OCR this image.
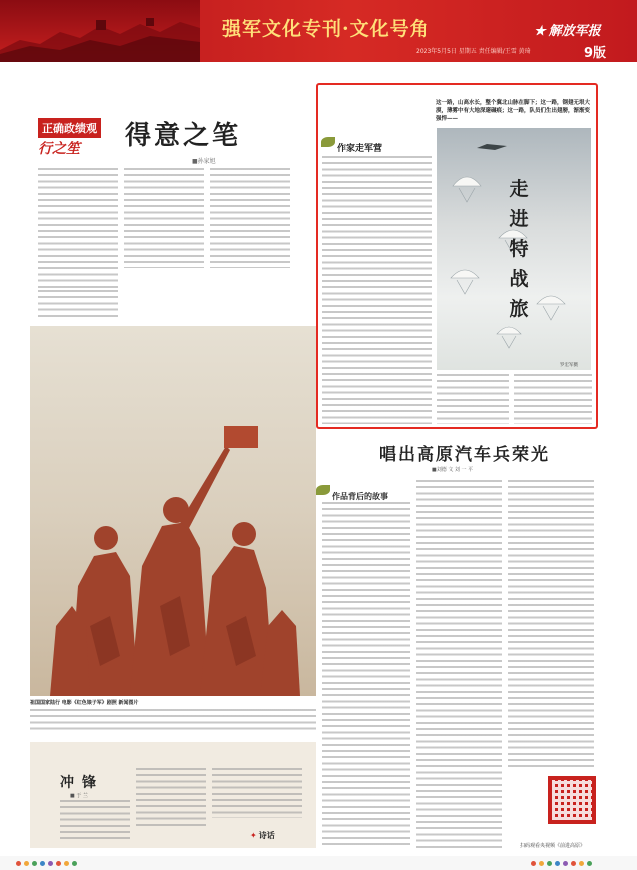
强军文化专刊·文化号角	★ 解放军报
2023年5月5日 星期五 责任编辑/王雪 黄琦	9版
正确政绩观
行之笙	得意之笔
■孙家旭
这一路，山高水长，整个冀北山脉在脚下；这一路，钢翅无垠大漠，薄雾中有大地深邃碾痕；这一路，队员们生出翅膀，渐渐变强悍——
走
进
特
战
旅
罗宏军摄
作家走军营
祖国国家陆行 电影《红色娘子军》剧照 新闻图片
冲锋
■ 于 兰
✦ 诗话
唱出高原汽车兵荣光
■刘德 文 刘 一 平
作品背后的故事
扫码观看央视频《前进高原》
